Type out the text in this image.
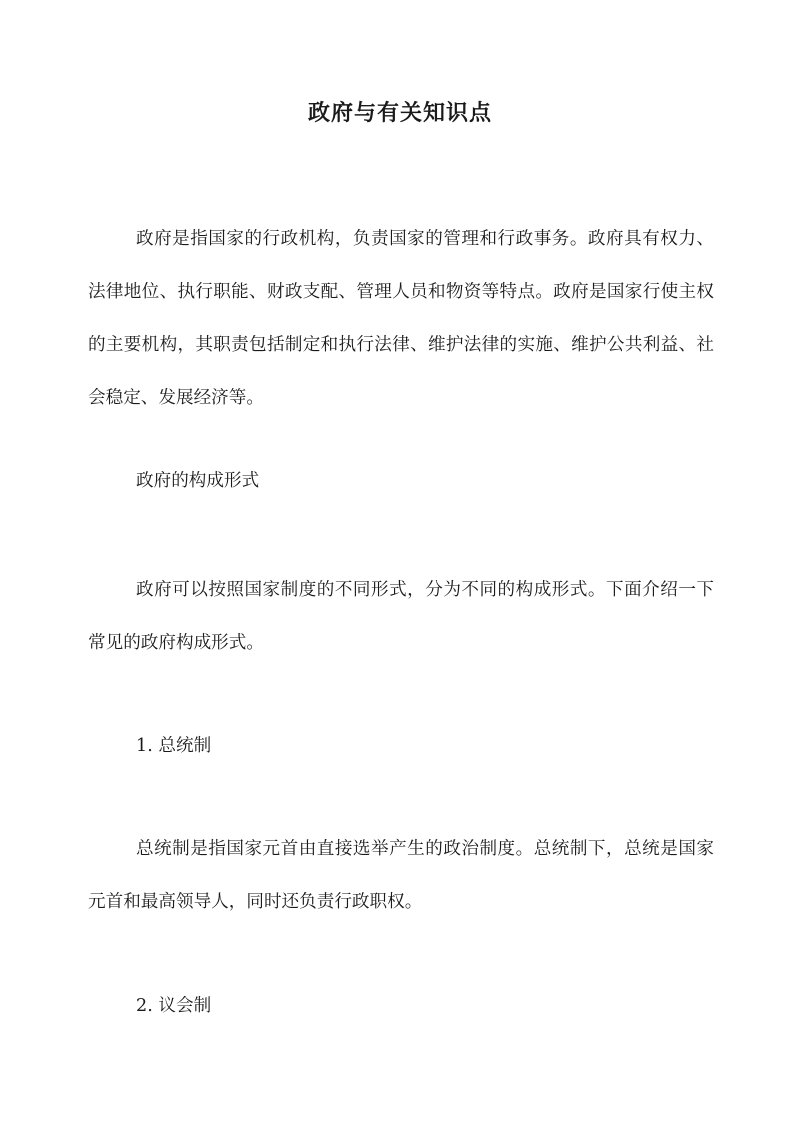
政府与有关知识点

政府是指国家的行政机构，负责国家的管理和行政事务。政府具有权力、法律地位、执行职能、财政支配、管理人员和物资等特点。政府是国家行使主权的主要机构，其职责包括制定和执行法律、维护法律的实施、维护公共利益、社会稳定、发展经济等。

政府的构成形式

政府可以按照国家制度的不同形式，分为不同的构成形式。下面介绍一下常见的政府构成形式。

1. 总统制

总统制是指国家元首由直接选举产生的政治制度。总统制下，总统是国家元首和最高领导人，同时还负责行政职权。

2. 议会制
